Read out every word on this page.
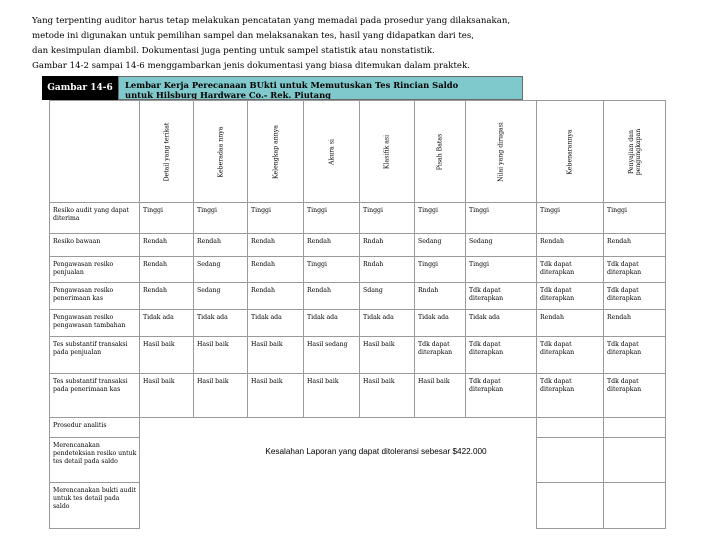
Yang terpenting auditor harus tetap melakukan pencatatan yang memadai pada prosedur yang dilaksanakan,
metode ini digunakan untuk pemilihan sampel dan melaksanakan tes, hasil yang didapatkan dari tes,
dan kesimpulan diambil. Dokumentasi juga penting untuk sampel statistik atau nonstatistik.
Gambar 14-2 sampai 14-6 menggambarkan jenis dokumentasi yang biasa ditemukan dalam praktek.
Gambar 14-6	Lembar Kerja Perecanaan BUkti untuk Memutuskan Tes Rincian Saldo
untuk Hilsburg Hardware Co.- Rek. Piutang

	Detail yang terikat	Keberadaa nnya	Kelengkap annya	Akura si	Klasifik asi	Pisah Batas	Nilai yang dirugasi	Kebenarannya	Penyajian dan pengungkapan

Resiko audit yang dapat diterima	Tinggi	Tinggi	Tinggi	Tinggi	Tinggi	Tinggi	Tinggi	Tinggi	Tinggi
Resiko bawaan	Rendah	Rendah	Rendah	Rendah	Rndah	Sedang	Sedang	Rendah	Rendah
Pengawasan resiko penjualan	Rendah	Sedang	Rendah	Tinggi	Rndah	Tinggi	Tinggi	Tdk dapat diterapkan	Tdk dapat diterapkan
Pengawasan resiko penerimaan kas	Rendah	Sedang	Rendah	Rendah	Sdang	Rndah	Tdk dapat diterapkan	Tdk dapat diterapkan	Tdk dapat diterapkan
Pengawasan resiko pengawasan tambahan	Tidak ada	Tidak ada	Tidak ada	Tidak ada	Tidak ada	Tidak ada	Tidak ada	Rendah	Rendah
Tes substantif transaksi pada penjualan	Hasil baik	Hasil baik	Hasil baik	Hasil sedang	Hasil baik	Tdk dapat diterapkan	Tdk dapat diterapkan	Tdk dapat diterapkan	Tdk dapat diterapkan
Tes substantif transaksi pada penerimaan kas	Hasil baik	Hasil baik	Hasil baik	Hasil baik	Hasil baik	Hasil baik	Tdk dapat diterapkan	Tdk dapat diterapkan	Tdk dapat diterapkan
Prosedur analitis	Kesalahan Laporan yang dapat ditoleransi sebesar $422.000								

Merencanakan pendeteksian resiko untuk tes detail pada saldo									
Merencanakan bukti audit untuk tes detail pada saldo									
